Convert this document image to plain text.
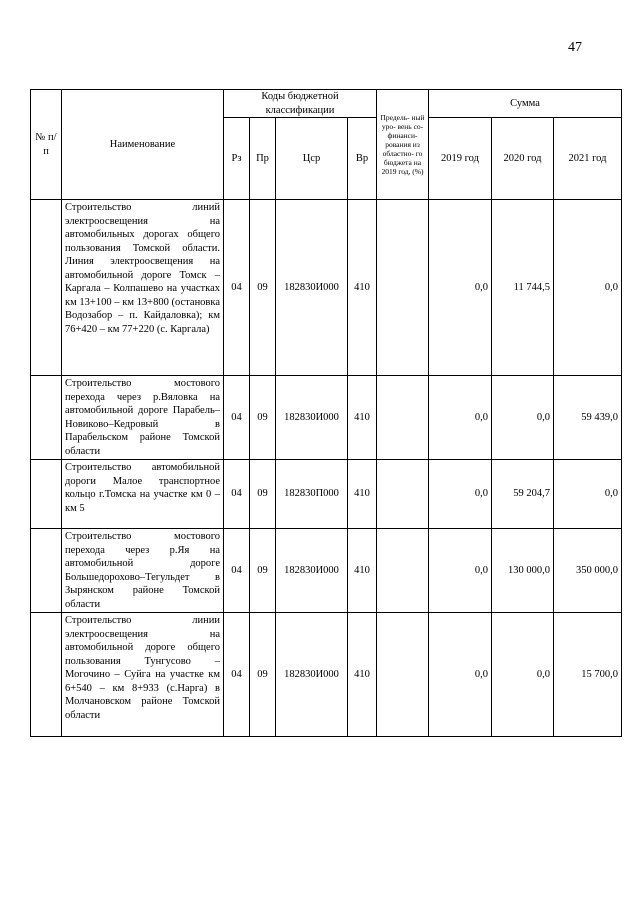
47
№ п/п	Наименование	Коды бюджетной классификации				Предель- ный уро- вень со- финанси- рования из областно- го бюджета на 2019 год, (%)	Сумма		
		Рз	Пр	Цср	Вр		2019 год	2020 год	2021 год
	Строительство линий электроосвещения на автомобильных дорогах общего пользования Томской области. Линия электроосвещения на автомобильной дороге Томск – Каргала – Колпашево на участках км 13+100 – км 13+800 (остановка Водозабор – п. Кайдаловка); км 76+420 – км 77+220 (с. Каргала)	04	09	182830И000	410		0,0	11 744,5	0,0
	Строительство мостового перехода через р.Вяловка на автомобильной дороге Парабель–Новиково–Кедровый в Парабельском районе Томской области	04	09	182830И000	410		0,0	0,0	59 439,0
	Строительство автомобильной дороги Малое транспортное кольцо г.Томска на участке км 0 – км 5	04	09	182830П000	410		0,0	59 204,7	0,0
	Строительство мостового перехода через р.Яя на автомобильной дороге Большедорохово–Тегульдет в Зырянском районе Томской области	04	09	182830И000	410		0,0	130 000,0	350 000,0
	Строительство линии электроосвещения на автомобильной дороге общего пользования Тунгусово – Могочино – Суйга на участке км 6+540 – км 8+933 (с.Нарга) в Молчановском районе Томской области	04	09	182830И000	410		0,0	0,0	15 700,0
